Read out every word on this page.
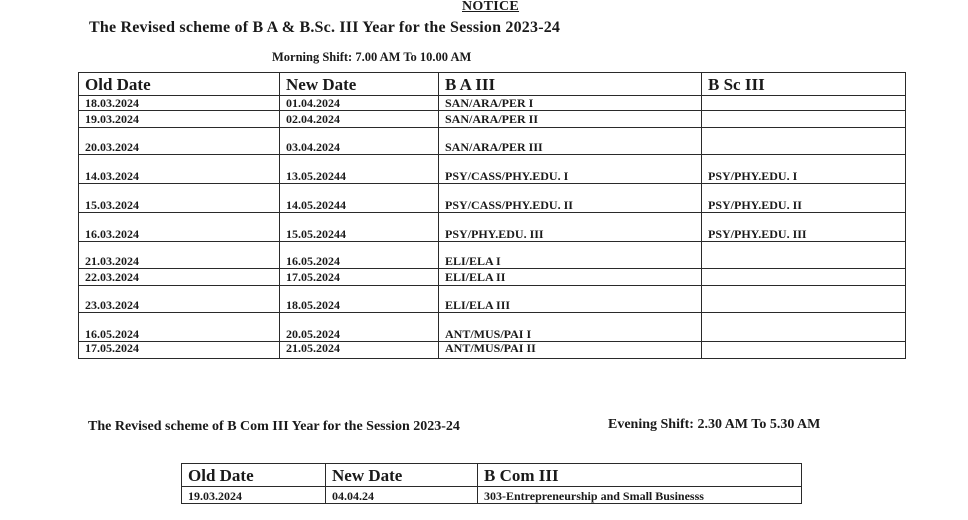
NOTICE
The Revised scheme of B A & B.Sc. III Year for the Session 2023-24
Morning Shift: 7.00 AM To 10.00 AM
Old Date	New Date	B A III	B Sc III
18.03.2024	01.04.2024	SAN/ARA/PER I	
19.03.2024	02.04.2024	SAN/ARA/PER II	
20.03.2024	03.04.2024	SAN/ARA/PER III	
14.03.2024	13.05.20244	PSY/CASS/PHY.EDU. I	PSY/PHY.EDU. I
15.03.2024	14.05.20244	PSY/CASS/PHY.EDU. II	PSY/PHY.EDU. II
16.03.2024	15.05.20244	PSY/PHY.EDU. III	PSY/PHY.EDU. III
21.03.2024	16.05.2024	ELI/ELA I	
22.03.2024	17.05.2024	ELI/ELA II	
23.03.2024	18.05.2024	ELI/ELA III	
16.05.2024	20.05.2024	ANT/MUS/PAI I	
17.05.2024	21.05.2024	ANT/MUS/PAI II	
The Revised scheme of B Com III Year for the Session 2023-24	Evening Shift: 2.30 AM To 5.30 AM
Old Date	New Date	B Com III
19.03.2024	04.04.24	303-Entrepreneurship and Small Businesss
